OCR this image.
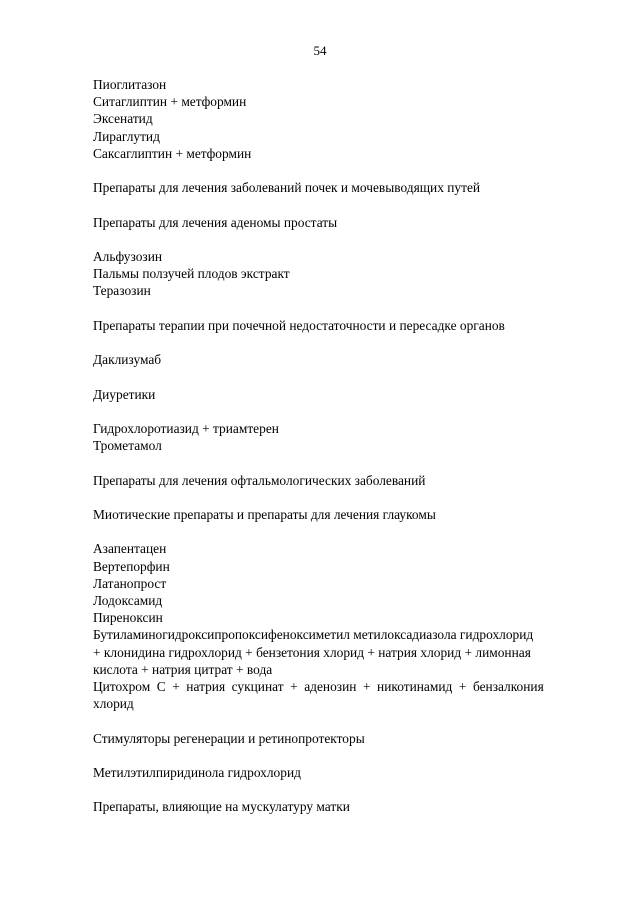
54
Пиоглитазон
Ситаглиптин + метформин
Эксенатид
Лираглутид
Саксаглиптин + метформин
Препараты для лечения заболеваний почек и мочевыводящих путей
Препараты для лечения аденомы простаты
Альфузозин
Пальмы ползучей плодов экстракт
Теразозин
Препараты терапии при почечной недостаточности и пересадке органов
Даклизумаб
Диуретики
Гидрохлоротиазид + триамтерен
Трометамол
Препараты для лечения офтальмологических заболеваний
Миотические препараты и препараты для лечения глаукомы
Азапентацен
Вертепорфин
Латанопрост
Лодоксамид
Пиреноксин
Бутиламиногидроксипропоксифеноксиметил метилоксадиазола гидрохлорид
+ клонидина гидрохлорид + бензетония хлорид + натрия хлорид + лимонная
кислота + натрия цитрат + вода
Цитохром С + натрия сукцинат + аденозин + никотинамид + бензалкония
хлорид
Стимуляторы регенерации и ретинопротекторы
Метилэтилпиридинола гидрохлорид
Препараты, влияющие на мускулатуру матки
